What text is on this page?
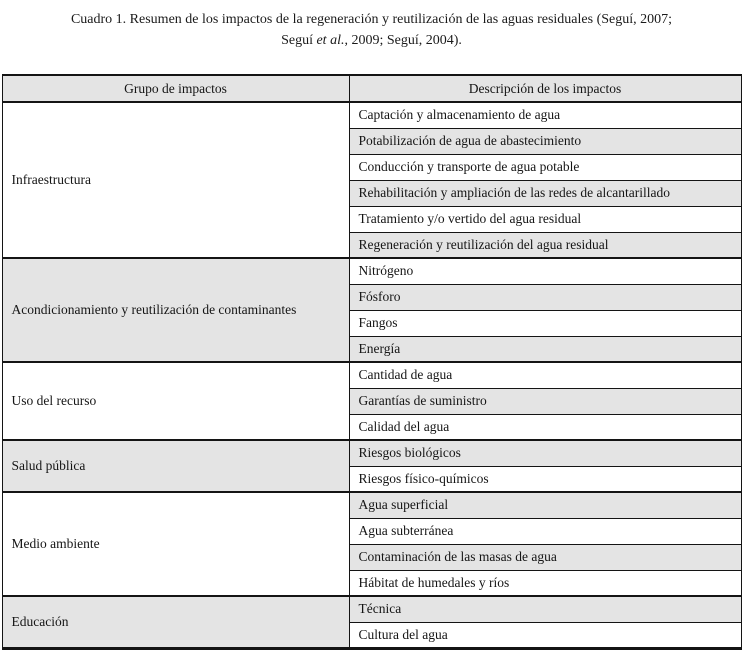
Cuadro 1. Resumen de los impactos de la regeneración y reutilización de las aguas residuales (Seguí, 2007;
Seguí et al., 2009; Seguí, 2004).
Grupo de impactos	Descripción de los impactos
Infraestructura	Captación y almacenamiento de agua
	Potabilización de agua de abastecimiento
	Conducción y transporte de agua potable
	Rehabilitación y ampliación de las redes de alcantarillado
	Tratamiento y/o vertido del agua residual
	Regeneración y reutilización del agua residual
Acondicionamiento y reutilización de contaminantes	Nitrógeno
	Fósforo
	Fangos
	Energía
Uso del recurso	Cantidad de agua
	Garantías de suministro
	Calidad del agua
Salud pública	Riesgos biológicos
	Riesgos físico-químicos
Medio ambiente	Agua superficial
	Agua subterránea
	Contaminación de las masas de agua
	Hábitat de humedales y ríos
Educación	Técnica
	Cultura del agua
